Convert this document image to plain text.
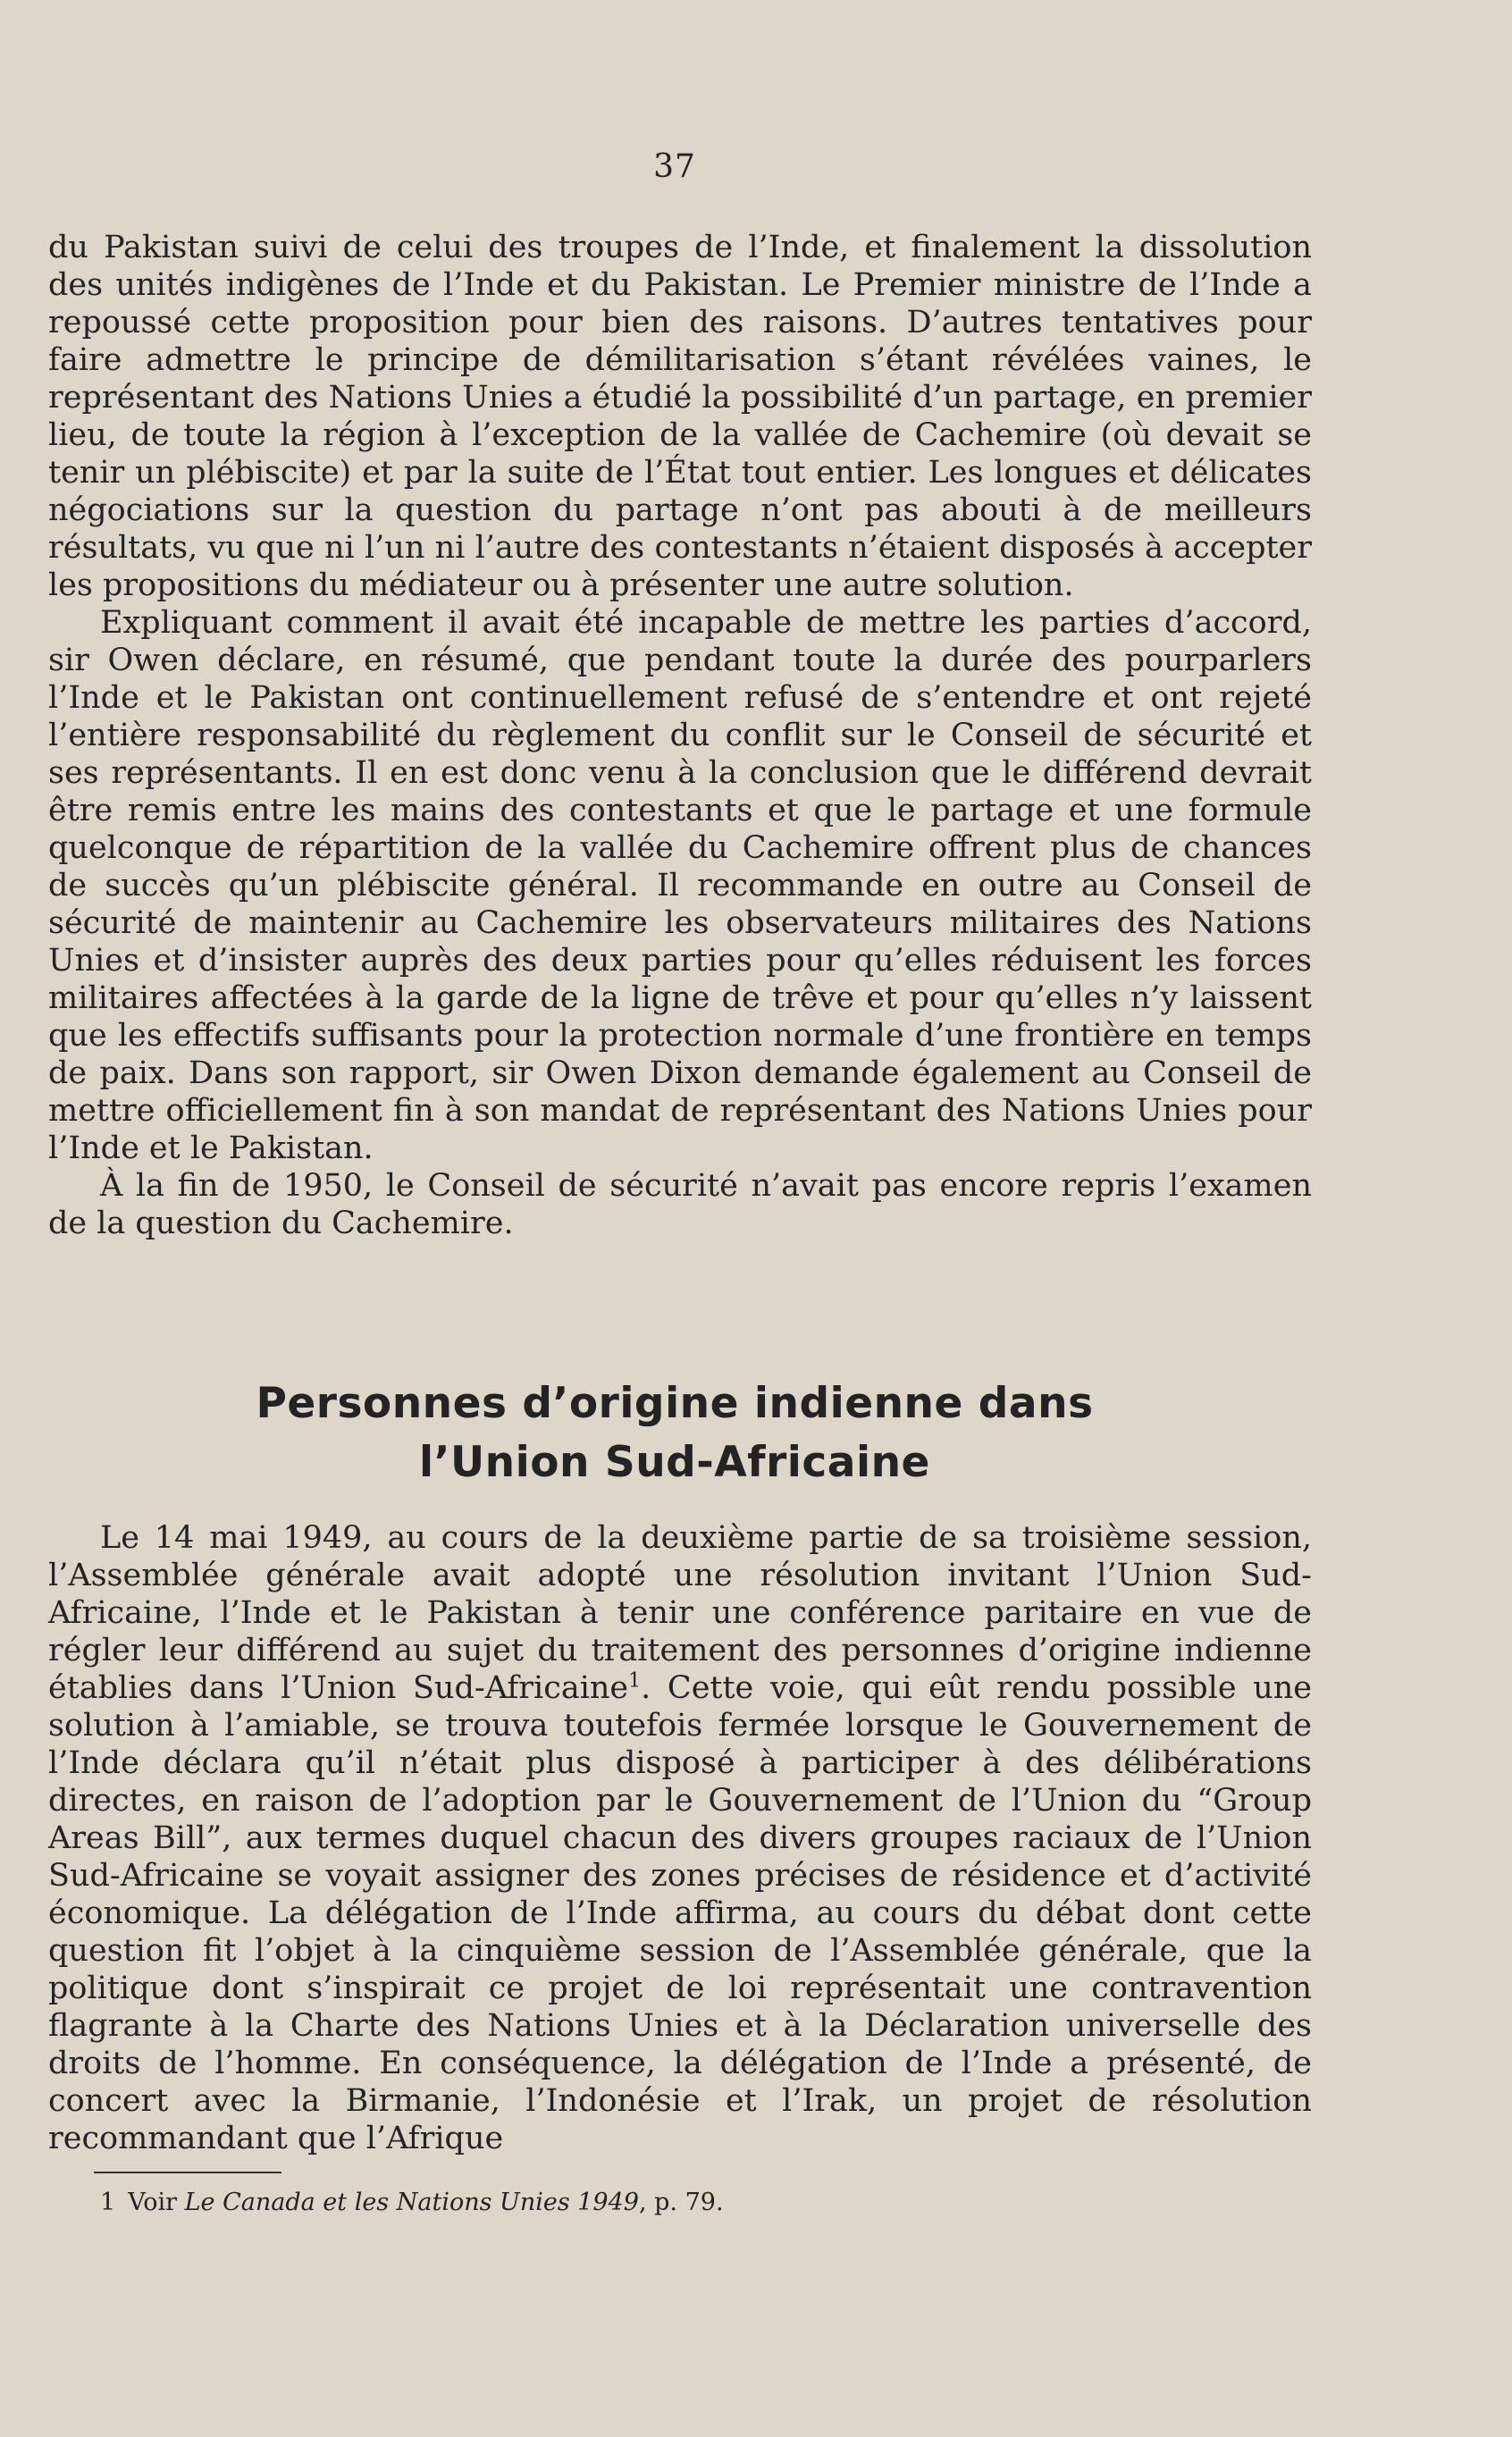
37

du Pakistan suivi de celui des troupes de l’Inde, et finalement la dissolution des unités indigènes de l’Inde et du Pakistan. Le Premier ministre de l’Inde a repoussé cette proposition pour bien des raisons. D’autres tentatives pour faire admettre le principe de démilitarisation s’étant révélées vaines, le représentant des Nations Unies a étudié la possibilité d’un partage, en premier lieu, de toute la région à l’exception de la vallée de Cachemire (où devait se tenir un plébiscite) et par la suite de l’État tout entier. Les longues et délicates négociations sur la question du partage n’ont pas abouti à de meilleurs résultats, vu que ni l’un ni l’autre des contestants n’étaient disposés à accepter les propositions du médiateur ou à présenter une autre solution.

Expliquant comment il avait été incapable de mettre les parties d’accord, sir Owen déclare, en résumé, que pendant toute la durée des pourparlers l’Inde et le Pakistan ont continuellement refusé de s’entendre et ont rejeté l’entière responsabilité du règlement du conflit sur le Conseil de sécurité et ses représentants. Il en est donc venu à la conclusion que le différend devrait être remis entre les mains des contestants et que le partage et une formule quelconque de répartition de la vallée du Cachemire offrent plus de chances de succès qu’un plébiscite général. Il recommande en outre au Conseil de sécurité de maintenir au Cachemire les observateurs militaires des Nations Unies et d’insister auprès des deux parties pour qu’elles réduisent les forces militaires affectées à la garde de la ligne de trêve et pour qu’elles n’y laissent que les effectifs suffisants pour la protection normale d’une frontière en temps de paix. Dans son rapport, sir Owen Dixon demande également au Conseil de mettre officiellement fin à son mandat de représentant des Nations Unies pour l’Inde et le Pakistan.

À la fin de 1950, le Conseil de sécurité n’avait pas encore repris l’examen de la question du Cachemire.

Personnes d’origine indienne dans
l’Union Sud-Africaine

Le 14 mai 1949, au cours de la deuxième partie de sa troisième session, l’Assemblée générale avait adopté une résolution invitant l’Union Sud-Africaine, l’Inde et le Pakistan à tenir une conférence paritaire en vue de régler leur différend au sujet du traitement des personnes d’origine indienne établies dans l’Union Sud-Africaine$^1$. Cette voie, qui eût rendu possible une solution à l’amiable, se trouva toutefois fermée lorsque le Gouvernement de l’Inde déclara qu’il n’était plus disposé à participer à des délibérations directes, en raison de l’adoption par le Gouvernement de l’Union du “Group Areas Bill”, aux termes duquel chacun des divers groupes raciaux de l’Union Sud-Africaine se voyait assigner des zones précises de résidence et d’activité économique. La délégation de l’Inde affirma, au cours du débat dont cette question fit l’objet à la cinquième session de l’Assemblée générale, que la politique dont s’inspirait ce projet de loi représentait une contravention flagrante à la Charte des Nations Unies et à la Déclaration universelle des droits de l’homme. En conséquence, la délégation de l’Inde a présenté, de concert avec la Birmanie, l’Indonésie et l’Irak, un projet de résolution recommandant que l’Afrique

1 Voir Le Canada et les Nations Unies 1949, p. 79.
